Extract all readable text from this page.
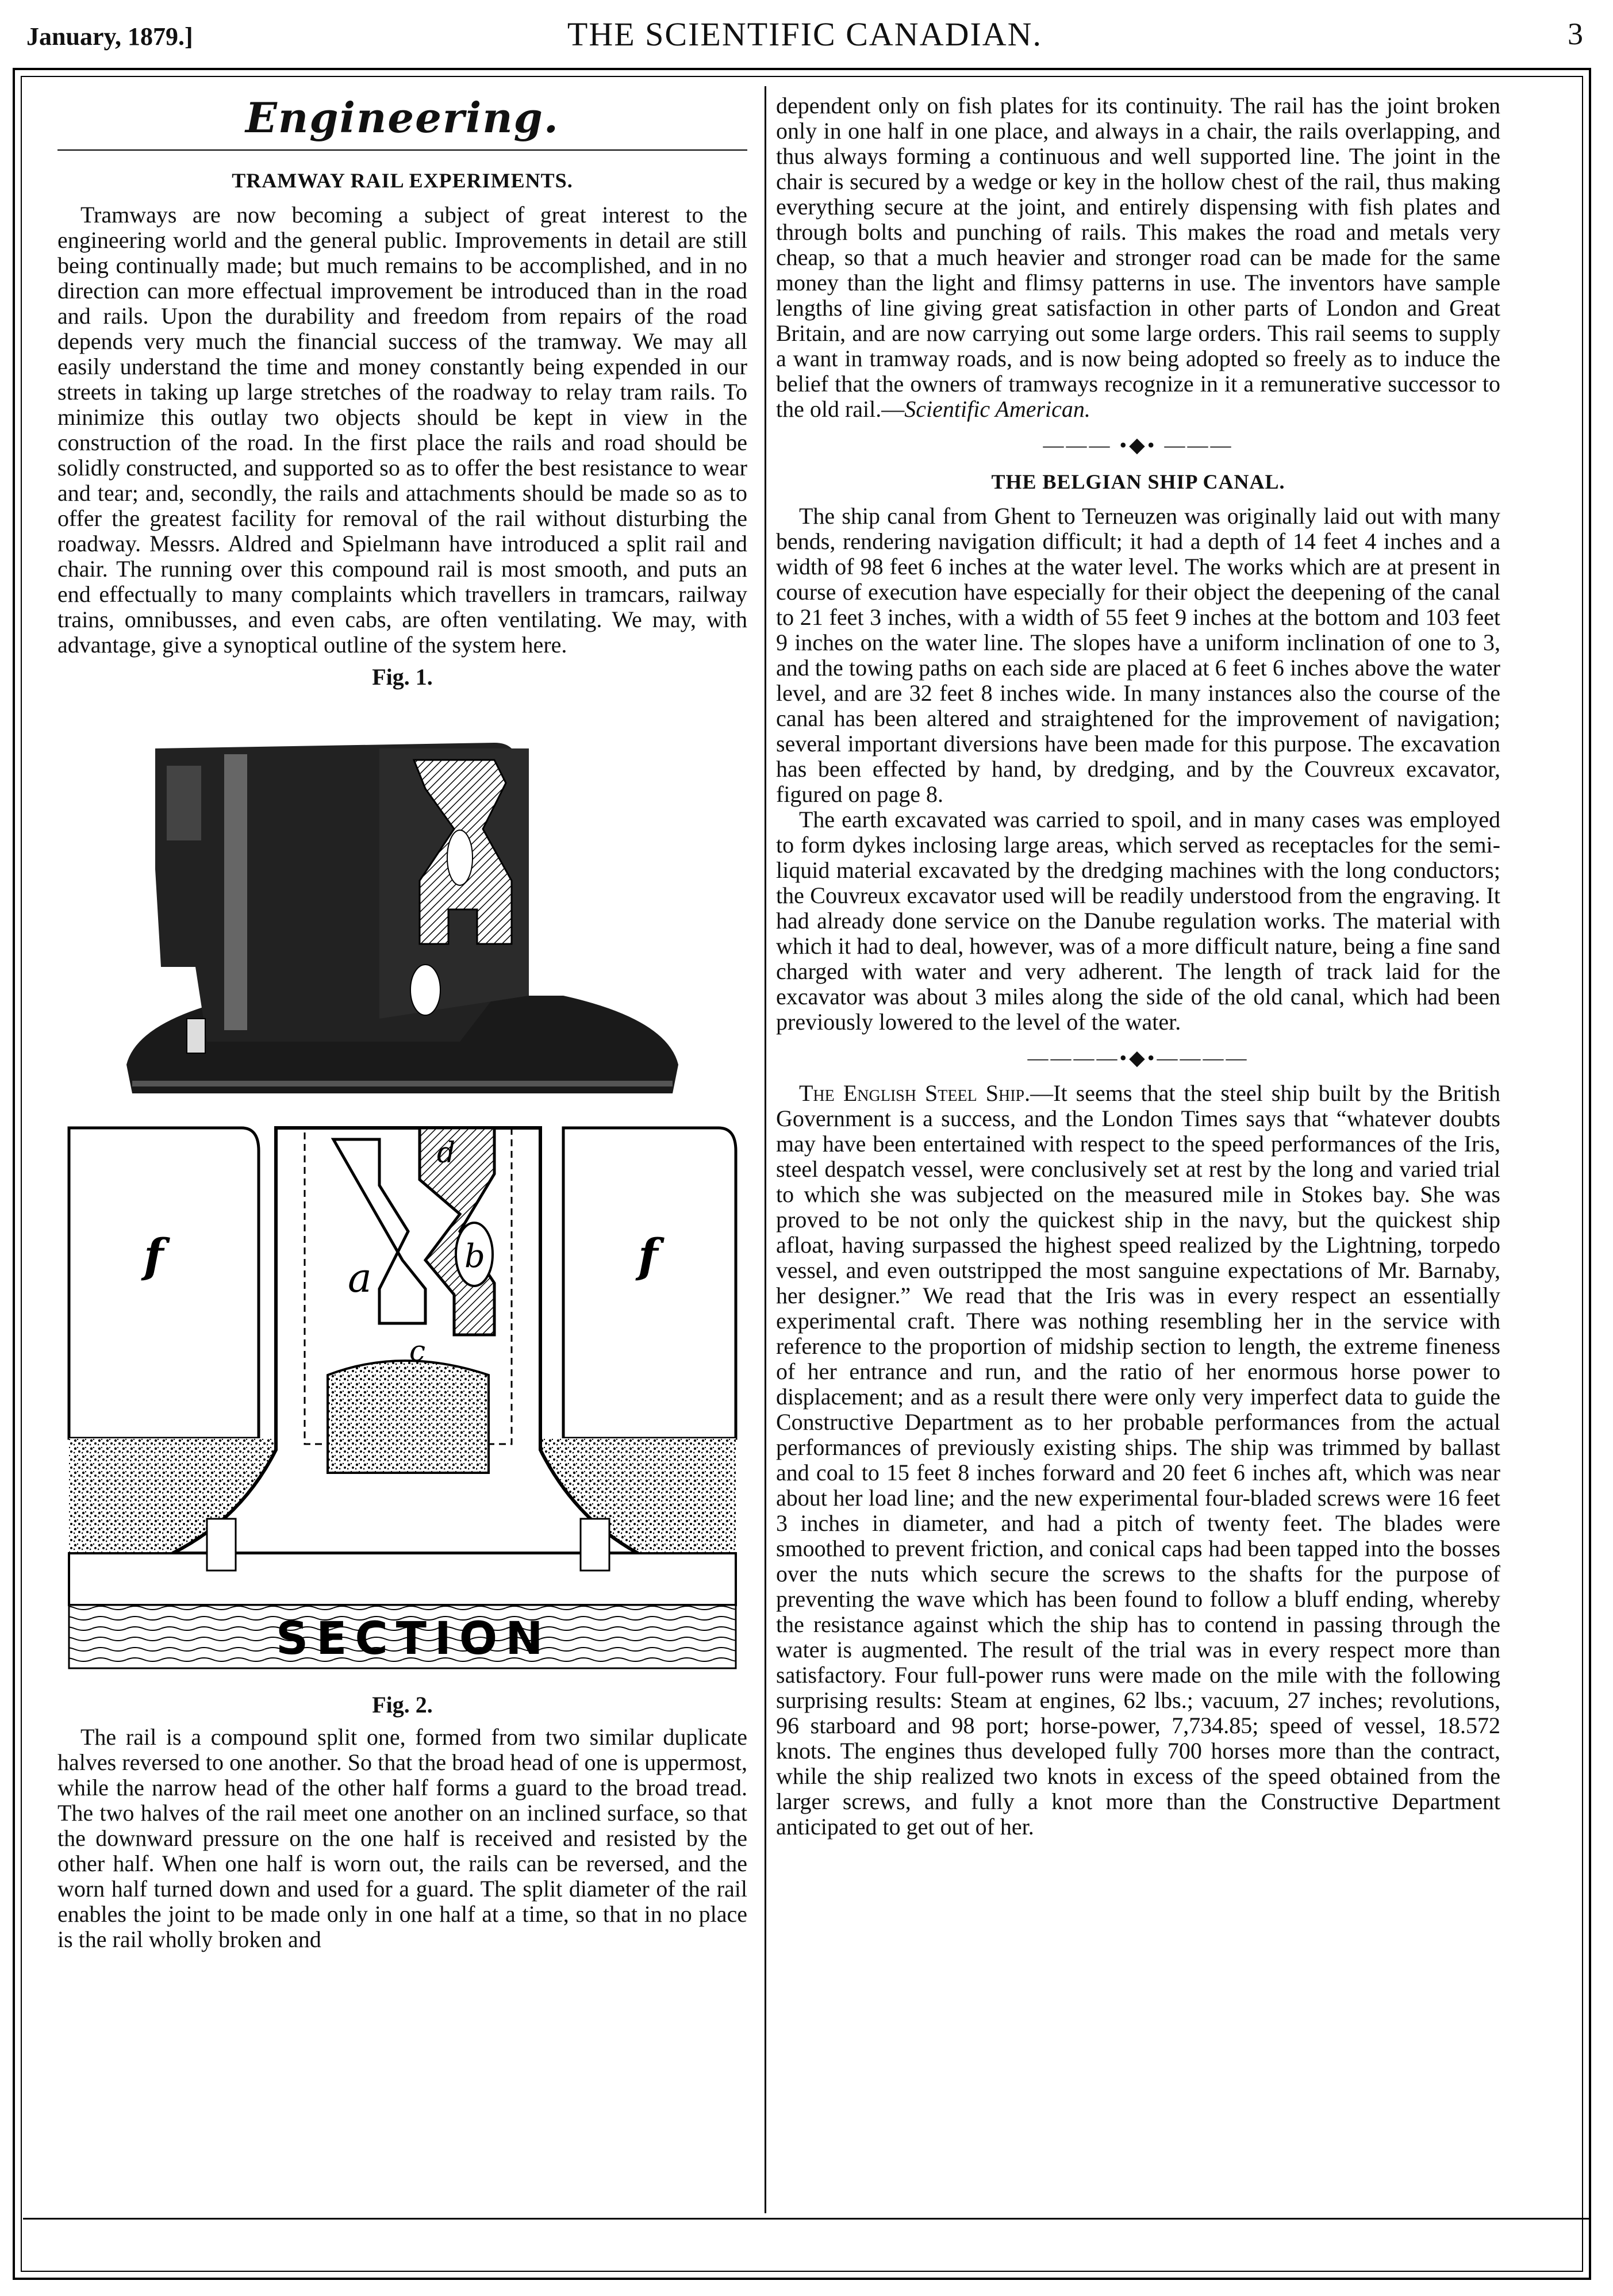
January, 1879.]	THE SCIENTIFIC CANADIAN.	3
Engineering.
TRAMWAY RAIL EXPERIMENTS.

Tramways are now becoming a subject of great interest to the engineering world and the general public. Improvements in detail are still being continually made; but much remains to be accomplished, and in no direction can more effectual improvement be introduced than in the road and rails. Upon the durability and freedom from repairs of the road depends very much the financial success of the tramway. We may all easily understand the time and money constantly being expended in our streets in taking up large stretches of the roadway to relay tram rails. To minimize this outlay two objects should be kept in view in the construction of the road. In the first place the rails and road should be solidly constructed, and supported so as to offer the best resistance to wear and tear; and, secondly, the rails and attachments should be made so as to offer the greatest facility for removal of the rail without disturbing the roadway. Messrs. Aldred and Spielmann have introduced a split rail and chair. The running over this compound rail is most smooth, and puts an end effectually to many complaints which travellers in tramcars, railway trains, omnibusses, and even cabs, are often ventilating. We may, with advantage, give a synoptical outline of the system here.

Fig. 1.
f	f
a	b
c
d
SECTION
Fig. 2.

The rail is a compound split one, formed from two similar duplicate halves reversed to one another. So that the broad head of one is uppermost, while the narrow head of the other half forms a guard to the broad tread. The two halves of the rail meet one another on an inclined surface, so that the downward pressure on the one half is received and resisted by the other half. When one half is worn out, the rails can be reversed, and the worn half turned down and used for a guard. The split diameter of the rail enables the joint to be made only in one half at a time, so that in no place is the rail wholly broken and

dependent only on fish plates for its continuity. The rail has the joint broken only in one half in one place, and always in a chair, the rails overlapping, and thus always forming a continuous and well supported line. The joint in the chair is secured by a wedge or key in the hollow chest of the rail, thus making everything secure at the joint, and entirely dispensing with fish plates and through bolts and punching of rails. This makes the road and metals very cheap, so that a much heavier and stronger road can be made for the same money than the light and flimsy patterns in use. The inventors have sample lengths of line giving great satisfaction in other parts of London and Great Britain, and are now carrying out some large orders. This rail seems to supply a want in tramway roads, and is now being adopted so freely as to induce the belief that the owners of tramways recognize in it a remunerative successor to the old rail.—Scientific American.

——— •◆• ———
THE BELGIAN SHIP CANAL.

The ship canal from Ghent to Terneuzen was originally laid out with many bends, rendering navigation difficult; it had a depth of 14 feet 4 inches and a width of 98 feet 6 inches at the water level. The works which are at present in course of execution have especially for their object the deepening of the canal to 21 feet 3 inches, with a width of 55 feet 9 inches at the bottom and 103 feet 9 inches on the water line. The slopes have a uniform inclination of one to 3, and the towing paths on each side are placed at 6 feet 6 inches above the water level, and are 32 feet 8 inches wide. In many instances also the course of the canal has been altered and straightened for the improvement of navigation; several important diversions have been made for this purpose. The excavation has been effected by hand, by dredging, and by the Couvreux excavator, figured on page 8.

The earth excavated was carried to spoil, and in many cases was employed to form dykes inclosing large areas, which served as receptacles for the semi-liquid material excavated by the dredging machines with the long conductors; the Couvreux excavator used will be readily understood from the engraving. It had already done service on the Danube regulation works. The material with which it had to deal, however, was of a more difficult nature, being a fine sand charged with water and very adherent. The length of track laid for the excavator was about 3 miles along the side of the old canal, which had been previously lowered to the level of the water.

————•◆•————

The English Steel Ship.—It seems that the steel ship built by the British Government is a success, and the London Times says that “whatever doubts may have been entertained with respect to the speed performances of the Iris, steel despatch vessel, were conclusively set at rest by the long and varied trial to which she was subjected on the measured mile in Stokes bay. She was proved to be not only the quickest ship in the navy, but the quickest ship afloat, having surpassed the highest speed realized by the Lightning, torpedo vessel, and even outstripped the most sanguine expectations of Mr. Barnaby, her designer.” We read that the Iris was in every respect an essentially experimental craft. There was nothing resembling her in the service with reference to the proportion of midship section to length, the extreme fineness of her entrance and run, and the ratio of her enormous horse power to displacement; and as a result there were only very imperfect data to guide the Constructive Department as to her probable performances from the actual performances of previously existing ships. The ship was trimmed by ballast and coal to 15 feet 8 inches forward and 20 feet 6 inches aft, which was near about her load line; and the new experimental four-bladed screws were 16 feet 3 inches in diameter, and had a pitch of twenty feet. The blades were smoothed to prevent friction, and conical caps had been tapped into the bosses over the nuts which secure the screws to the shafts for the purpose of preventing the wave which has been found to follow a bluff ending, whereby the resistance against which the ship has to contend in passing through the water is augmented. The result of the trial was in every respect more than satisfactory. Four full-power runs were made on the mile with the following surprising results: Steam at engines, 62 lbs.; vacuum, 27 inches; revolutions, 96 starboard and 98 port; horse-power, 7,734.85; speed of vessel, 18.572 knots. The engines thus developed fully 700 horses more than the contract, while the ship realized two knots in excess of the speed obtained from the larger screws, and fully a knot more than the Constructive Department anticipated to get out of her.
